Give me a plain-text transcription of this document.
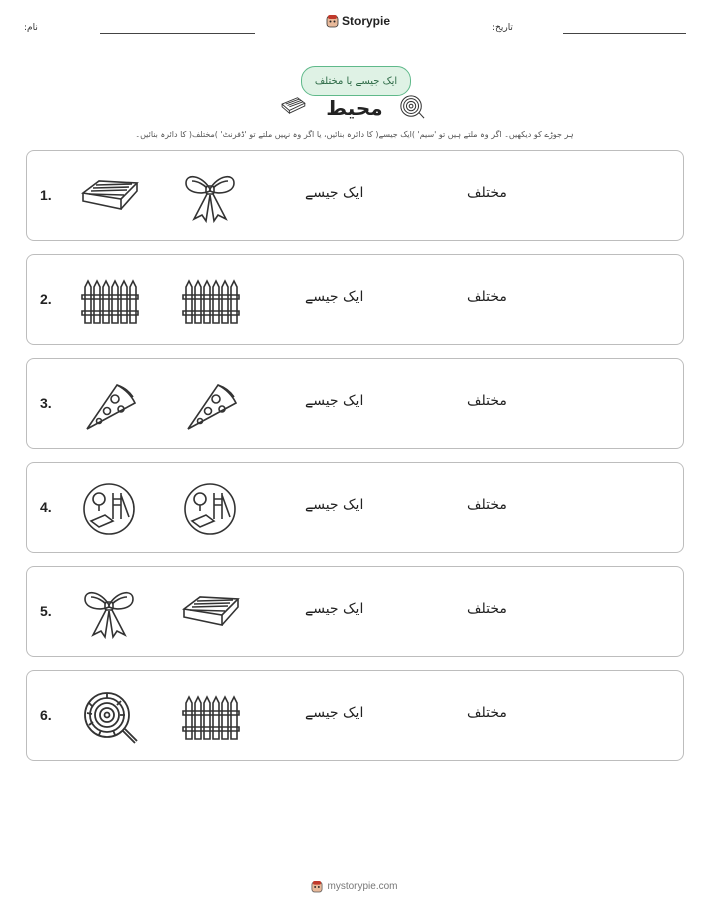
نام:	Storypie	تاریخ:
ایک جیسے یا مختلف
محیط
ہر جوڑے کو دیکھیں۔ اگر وہ ملتے ہیں تو 'سیم' )ایک جیسے( کا دائرہ بنائیں، یا اگر وہ نہیں ملتے تو 'ڈفرنٹ' )مختلف( کا دائرہ بنائیں۔
1.	ایک جیسے	مختلف
2.	ایک جیسے	مختلف
3.	ایک جیسے	مختلف
4.	ایک جیسے	مختلف
5.	ایک جیسے	مختلف
6.	ایک جیسے	مختلف
mystorypie.com
